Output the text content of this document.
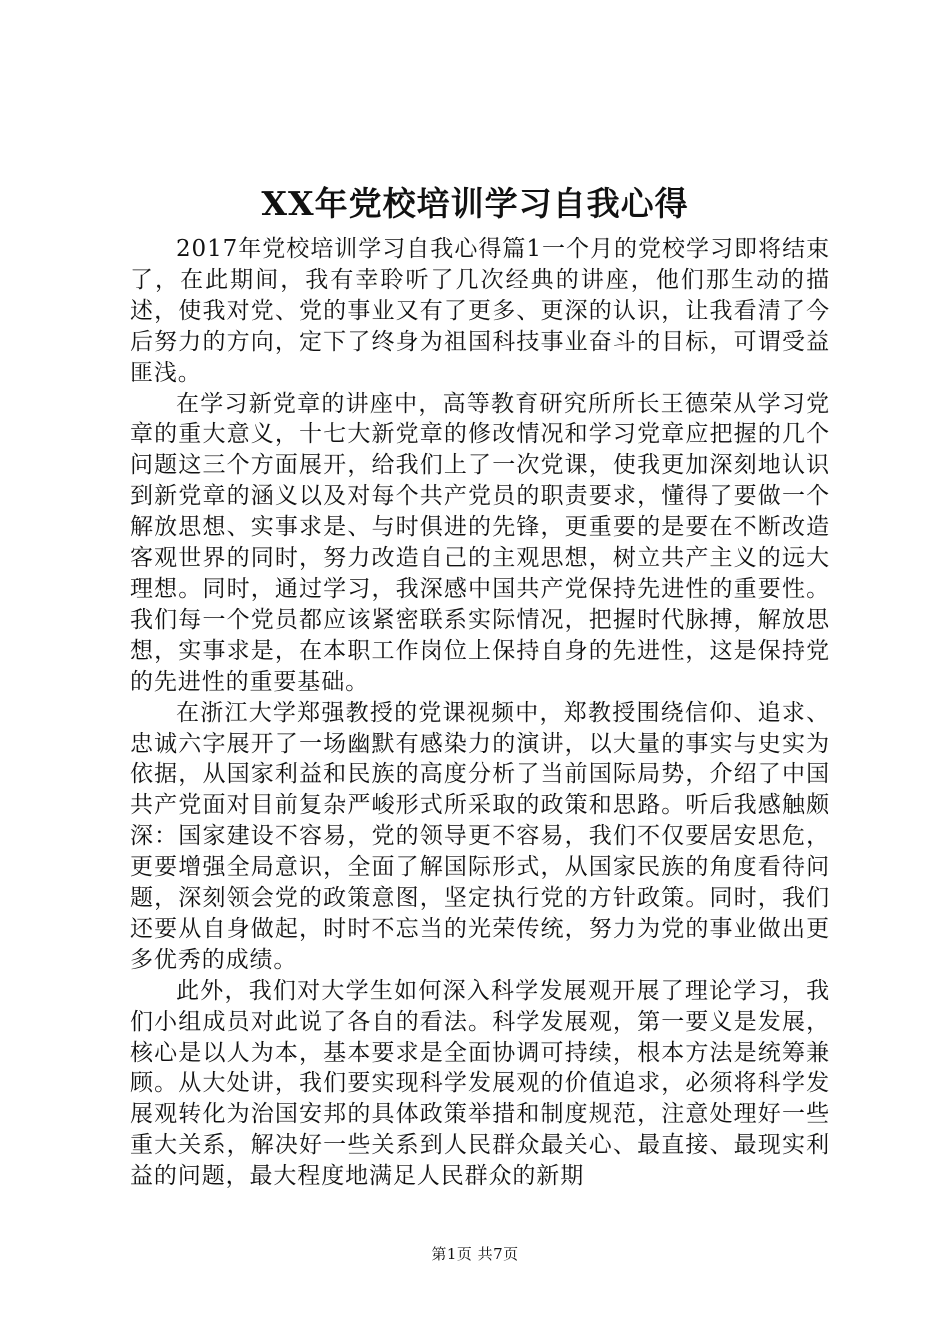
XX年党校培训学习自我心得

2017年党校培训学习自我心得篇1一个月的党校学习即将结束了，在此期间，我有幸聆听了几次经典的讲座，他们那生动的描述，使我对党、党的事业又有了更多、更深的认识，让我看清了今后努力的方向，定下了终身为祖国科技事业奋斗的目标，可谓受益匪浅。

在学习新党章的讲座中，高等教育研究所所长王德荣从学习党章的重大意义，十七大新党章的修改情况和学习党章应把握的几个问题这三个方面展开，给我们上了一次党课，使我更加深刻地认识到新党章的涵义以及对每个共产党员的职责要求，懂得了要做一个解放思想、实事求是、与时俱进的先锋，更重要的是要在不断改造客观世界的同时，努力改造自己的主观思想，树立共产主义的远大理想。同时，通过学习，我深感中国共产党保持先进性的重要性。我们每一个党员都应该紧密联系实际情况，把握时代脉搏，解放思想，实事求是，在本职工作岗位上保持自身的先进性，这是保持党的先进性的重要基础。

在浙江大学郑强教授的党课视频中，郑教授围绕信仰、追求、忠诚六字展开了一场幽默有感染力的演讲，以大量的事实与史实为依据，从国家利益和民族的高度分析了当前国际局势，介绍了中国共产党面对目前复杂严峻形式所采取的政策和思路。听后我感触颇深：国家建设不容易，党的领导更不容易，我们不仅要居安思危，更要增强全局意识，全面了解国际形式，从国家民族的角度看待问题，深刻领会党的政策意图，坚定执行党的方针政策。同时，我们还要从自身做起，时时不忘当的光荣传统，努力为党的事业做出更多优秀的成绩。

此外，我们对大学生如何深入科学发展观开展了理论学习，我们小组成员对此说了各自的看法。科学发展观，第一要义是发展，核心是以人为本，基本要求是全面协调可持续，根本方法是统筹兼顾。从大处讲，我们要实现科学发展观的价值追求，必须将科学发展观转化为治国安邦的具体政策举措和制度规范，注意处理好一些重大关系，解决好一些关系到人民群众最关心、最直接、最现实利益的问题，最大程度地满足人民群众的新期

第1页 共7页
